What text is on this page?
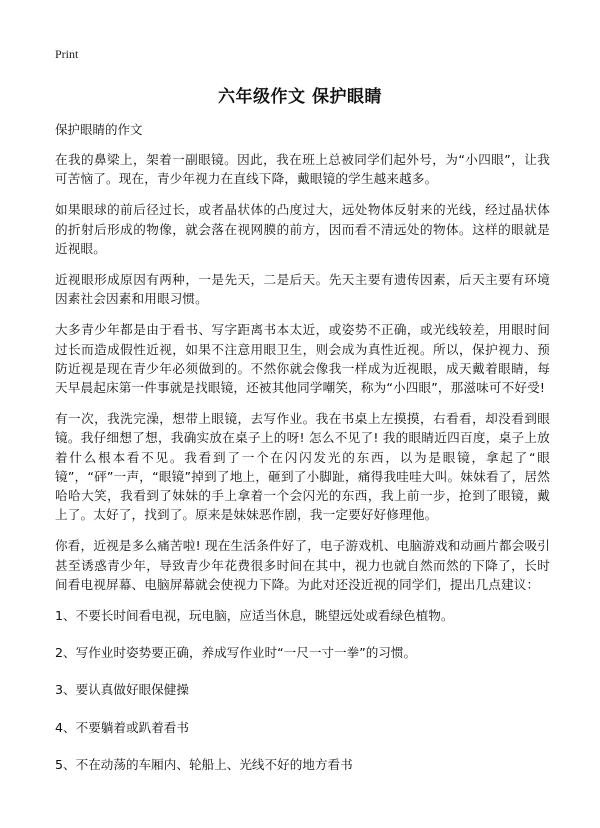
Print
六年级作文 保护眼睛
保护眼睛的作文

在我的鼻梁上，架着一副眼镜。因此，我在班上总被同学们起外号，为“小四眼”，让我可苦恼了。现在，青少年视力在直线下降，戴眼镜的学生越来越多。

如果眼球的前后径过长，或者晶状体的凸度过大，远处物体反射来的光线，经过晶状体的折射后形成的物像，就会落在视网膜的前方，因而看不清远处的物体。这样的眼就是近视眼。

近视眼形成原因有两种，一是先天，二是后天。先天主要有遗传因素，后天主要有环境因素社会因素和用眼习惯。

大多青少年都是由于看书、写字距离书本太近，或姿势不正确，或光线较差，用眼时间过长而造成假性近视，如果不注意用眼卫生，则会成为真性近视。所以，保护视力、预防近视是现在青少年必须做到的。不然你就会像我一样成为近视眼，成天戴着眼睛，每天早晨起床第一件事就是找眼镜，还被其他同学嘲笑，称为“小四眼”，那滋味可不好受!

有一次，我洗完澡，想带上眼镜，去写作业。我在书桌上左摸摸，右看看，却没看到眼镜。我仔细想了想，我确实放在桌子上的呀! 怎么不见了! 我的眼睛近四百度，桌子上放着什么根本看不见。我看到了一个在闪闪发光的东西，以为是眼镜，拿起了“眼镜”，“砰”一声，“眼镜”掉到了地上，砸到了小脚趾，痛得我哇哇大叫。妹妹看了，居然哈哈大笑，我看到了妹妹的手上拿着一个会闪光的东西，我上前一步，抢到了眼镜，戴上了。太好了，找到了。原来是妹妹恶作剧，我一定要好好修理他。

你看，近视是多么痛苦啦! 现在生活条件好了，电子游戏机、电脑游戏和动画片都会吸引甚至诱惑青少年，导致青少年花费很多时间在其中，视力也就自然而然的下降了，长时间看电视屏幕、电脑屏幕就会使视力下降。为此对还没近视的同学们，提出几点建议：

1、不要长时间看电视，玩电脑，应适当休息，眺望远处或看绿色植物。

2、写作业时姿势要正确，养成写作业时“一尺一寸一拳”的习惯。

3、要认真做好眼保健操

4、不要躺着或趴着看书

5、不在动荡的车厢内、轮船上、光线不好的地方看书
